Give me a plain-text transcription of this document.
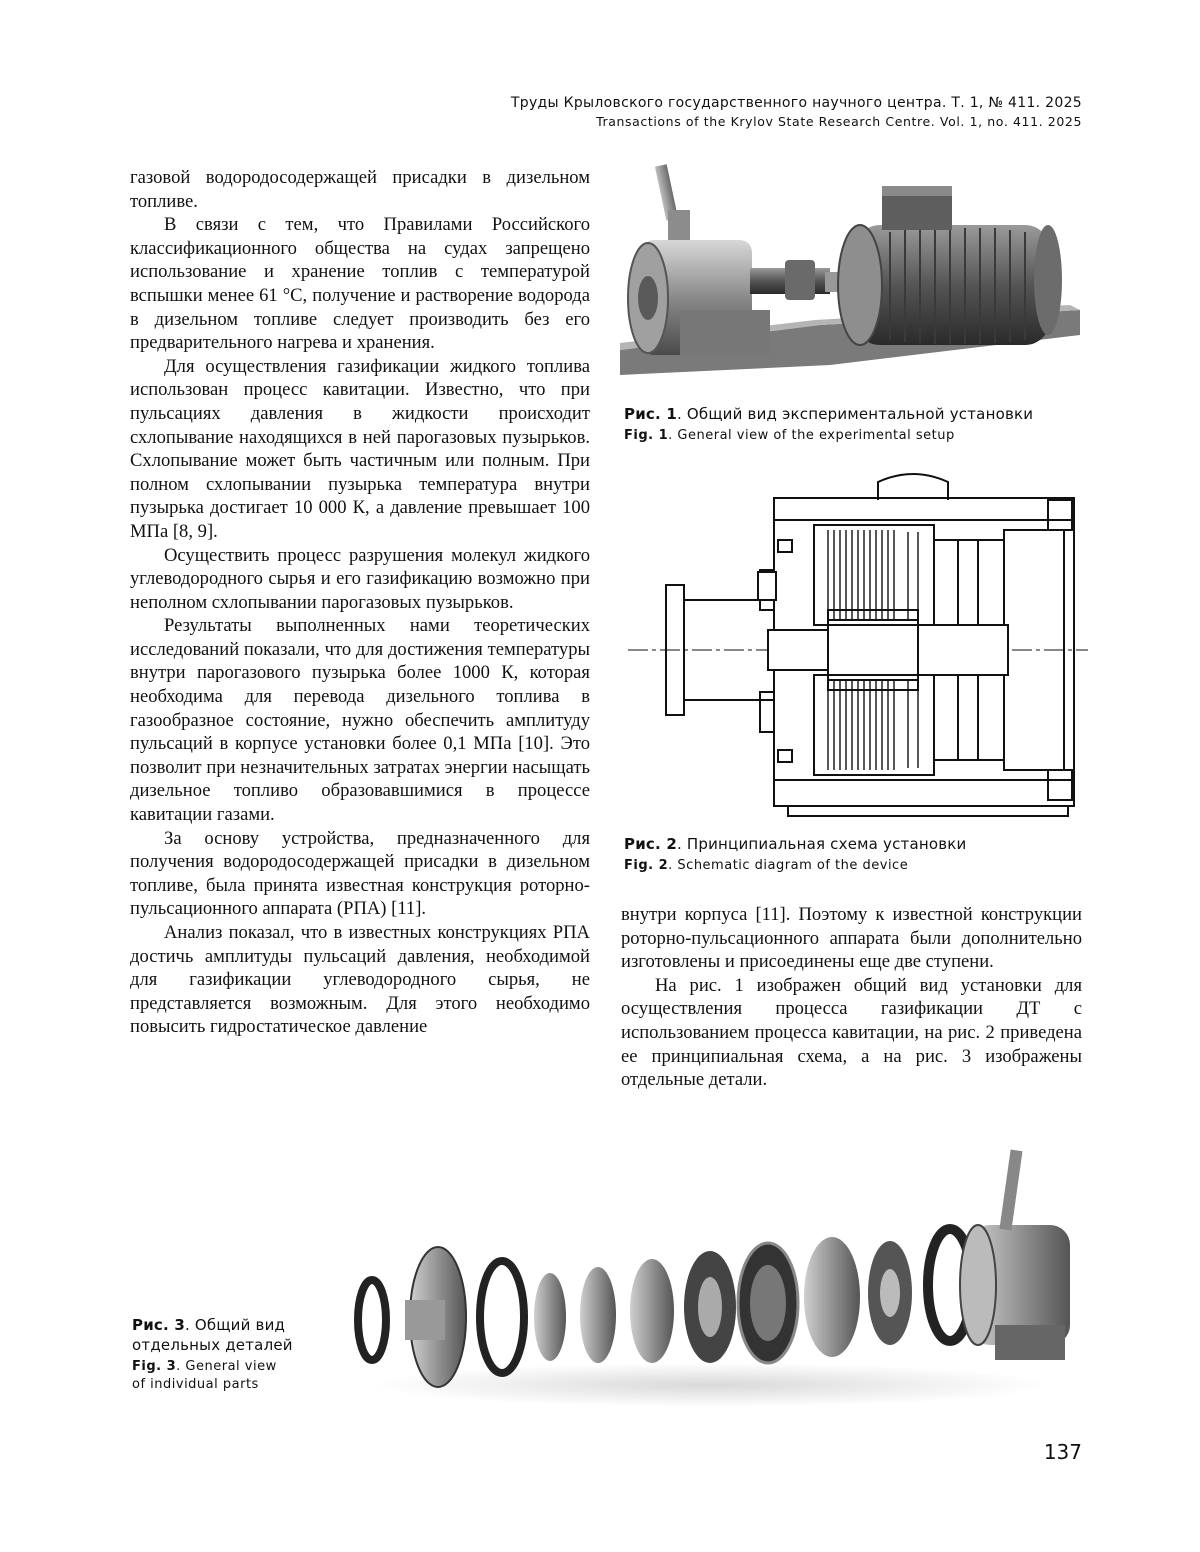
Труды Крыловского государственного научного центра. Т. 1, № 411. 2025
Transactions of the Krylov State Research Centre. Vol. 1, no. 411. 2025

газовой водородосодержащей присадки в дизельном топливе.

В связи с тем, что Правилами Российского классификационного общества на судах запрещено использование и хранение топлив с температурой вспышки менее 61 °C, получение и растворение водорода в дизельном топливе следует производить без его предварительного нагрева и хранения.

Для осуществления газификации жидкого топлива использован процесс кавитации. Известно, что при пульсациях давления в жидкости происходит схлопывание находящихся в ней парогазовых пузырьков. Схлопывание может быть частичным или полным. При полном схлопывании пузырька температура внутри пузырька достигает 10 000 К, а давление превышает 100 МПа [8, 9].

Осуществить процесс разрушения молекул жидкого углеводородного сырья и его газификацию возможно при неполном схлопывании парогазовых пузырьков.

Результаты выполненных нами теоретических исследований показали, что для достижения температуры внутри парогазового пузырька более 1000 К, которая необходима для перевода дизельного топлива в газообразное состояние, нужно обеспечить амплитуду пульсаций в корпусе установки более 0,1 МПа [10]. Это позволит при незначительных затратах энергии насыщать дизельное топливо образовавшимися в процессе кавитации газами.

За основу устройства, предназначенного для получения водородосодержащей присадки в дизельном топливе, была принята известная конструкция роторно-пульсационного аппарата (РПА) [11].

Анализ показал, что в известных конструкциях РПА достичь амплитуды пульсаций давления, необходимой для газификации углеводородного сырья, не представляется возможным. Для этого необходимо повысить гидростатическое давление

Рис. 1. Общий вид экспериментальной установки
Fig. 1. General view of the experimental setup
Рис. 2. Принципиальная схема установки
Fig. 2. Schematic diagram of the device

внутри корпуса [11]. Поэтому к известной конструкции роторно-пульсационного аппарата были дополнительно изготовлены и присоединены еще две ступени.

На рис. 1 изображен общий вид установки для осуществления процесса газификации ДТ с использованием процесса кавитации, на рис. 2 приведена ее принципиальная схема, а на рис. 3 изображены отдельные детали.

Рис. 3. Общий вид
отдельных деталей
Fig. 3. General view
of individual parts
137
